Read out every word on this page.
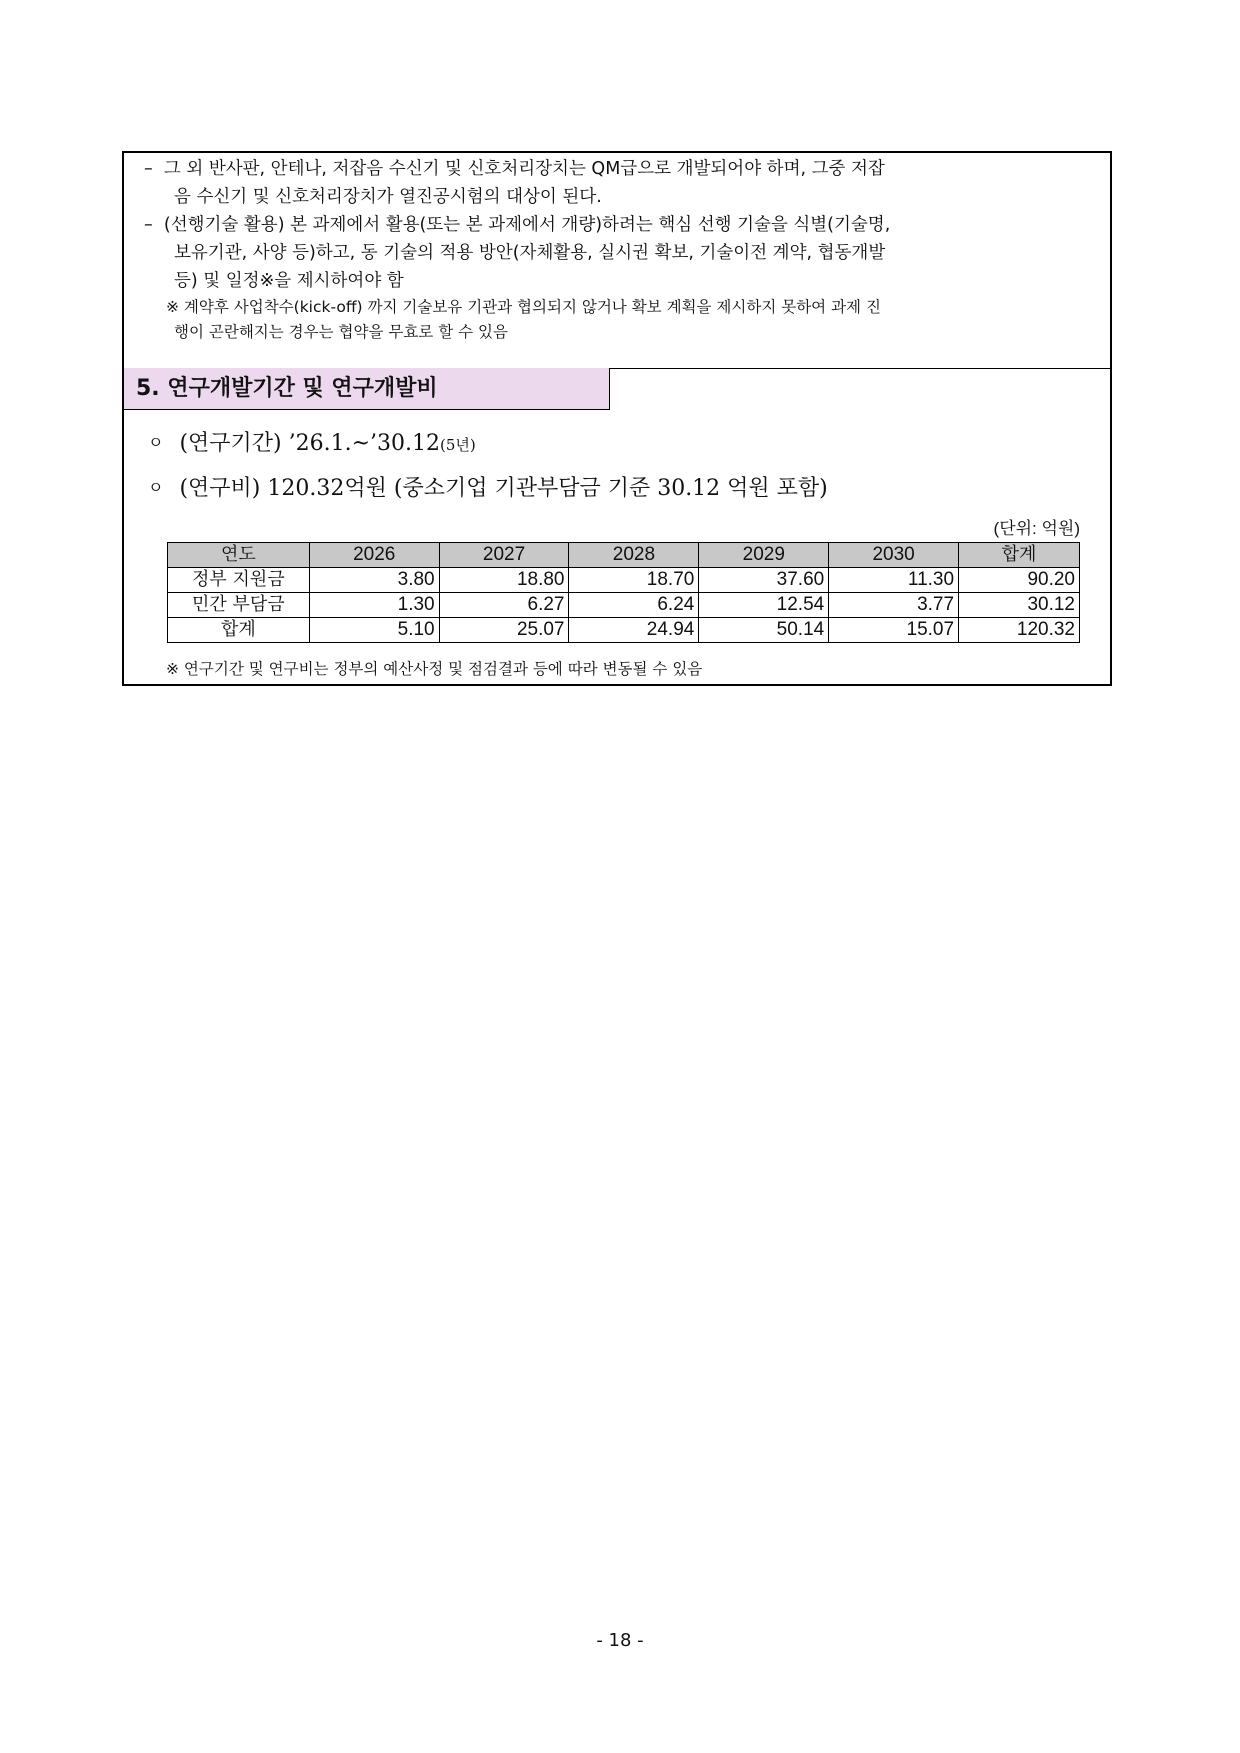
– 그 외 반사판, 안테나, 저잡음 수신기 및 신호처리장치는 QM급으로 개발되어야 하며, 그중 저잡
음 수신기 및 신호처리장치가 열진공시험의 대상이 된다.
– (선행기술 활용) 본 과제에서 활용(또는 본 과제에서 개량)하려는 핵심 선행 기술을 식별(기술명,
보유기관, 사양 등)하고, 동 기술의 적용 방안(자체활용, 실시권 확보, 기술이전 계약, 협동개발
등) 및 일정※을 제시하여야 함
※ 계약후 사업착수(kick-off) 까지 기술보유 기관과 협의되지 않거나 확보 계획을 제시하지 못하여 과제 진
행이 곤란해지는 경우는 협약을 무효로 할 수 있음
5. 연구개발기간 및 연구개발비
ㅇ (연구기간) ’26.1.~’30.12(5년)
ㅇ (연구비) 120.32억원 (중소기업 기관부담금 기준 30.12 억원 포함)
(단위: 억원)
연도	2026	2027	2028	2029	2030	합계
정부 지원금	3.80	18.80	18.70	37.60	11.30	90.20
민간 부담금	1.30	6.27	6.24	12.54	3.77	30.12
합계	5.10	25.07	24.94	50.14	15.07	120.32
※ 연구기간 및 연구비는 정부의 예산사정 및 점검결과 등에 따라 변동될 수 있음
- 18 -
